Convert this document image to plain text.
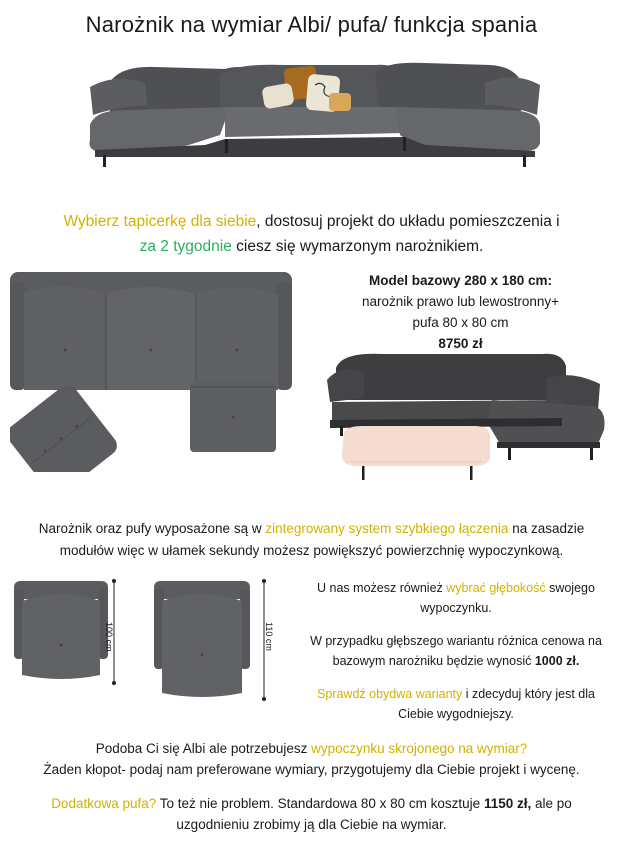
Narożnik na wymiar Albi/ pufa/ funkcja spania
Wybierz tapicerkę dla siebie, dostosuj projekt do układu pomieszczenia i
za 2 tygodnie ciesz się wymarzonym narożnikiem.
Model bazowy 280 x 180 cm:
narożnik prawo lub lewostronny+
pufa 80 x 80 cm
8750 zł
Narożnik oraz pufy wyposażone są w zintegrowany system szybkiego łączenia na zasadzie
modułów więc w ułamek sekundy możesz powiększyć powierzchnię wypoczynkową.
100 cm	110 cm

U nas możesz również wybrać głębokość swojego
wypoczynku.

W przypadku głębszego wariantu różnica cenowa na
bazowym narożniku będzie wynosić 1000 zł.

Sprawdź obydwa warianty i zdecyduj który jest dla
Ciebie wygodniejszy.

Podoba Ci się Albi ale potrzebujesz wypoczynku skrojonego na wymiar?
Żaden kłopot- podaj nam preferowane wymiary, przygotujemy dla Ciebie projekt i wycenę.
Dodatkowa pufa? To też nie problem. Standardowa 80 x 80 cm kosztuje 1150 zł, ale po
uzgodnieniu zrobimy ją dla Ciebie na wymiar.
